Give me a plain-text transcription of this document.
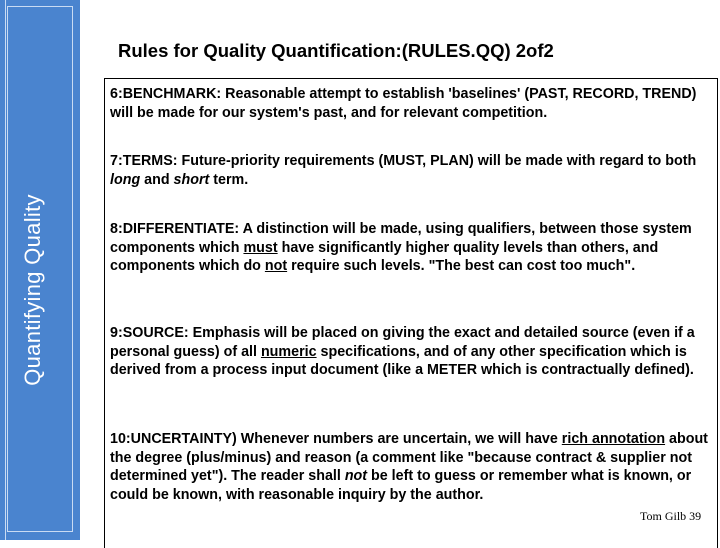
Quantifying Quality
Rules for Quality Quantification:(RULES.QQ) 2of2
6:BENCHMARK: Reasonable attempt to establish 'baselines' (PAST, RECORD, TREND) will be made for our system's past, and for relevant competition.
7:TERMS: Future-priority requirements (MUST, PLAN) will be made with regard to both long and short term.
8:DIFFERENTIATE: A distinction will be made, using qualifiers, between those system components which must have significantly higher quality levels than others, and components which do not require such levels. "The best can cost too much".
9:SOURCE: Emphasis will be placed on giving the exact and detailed source (even if a personal guess) of all numeric specifications, and of any other specification which is derived from a process input document (like a METER which is contractually defined).
10:UNCERTAINTY) Whenever numbers are uncertain, we will have rich annotation about the degree (plus/minus) and reason (a comment like "because contract & supplier not determined yet"). The reader shall not be left to guess or remember what is known, or could be known, with reasonable inquiry by the author.
Tom Gilb 39
